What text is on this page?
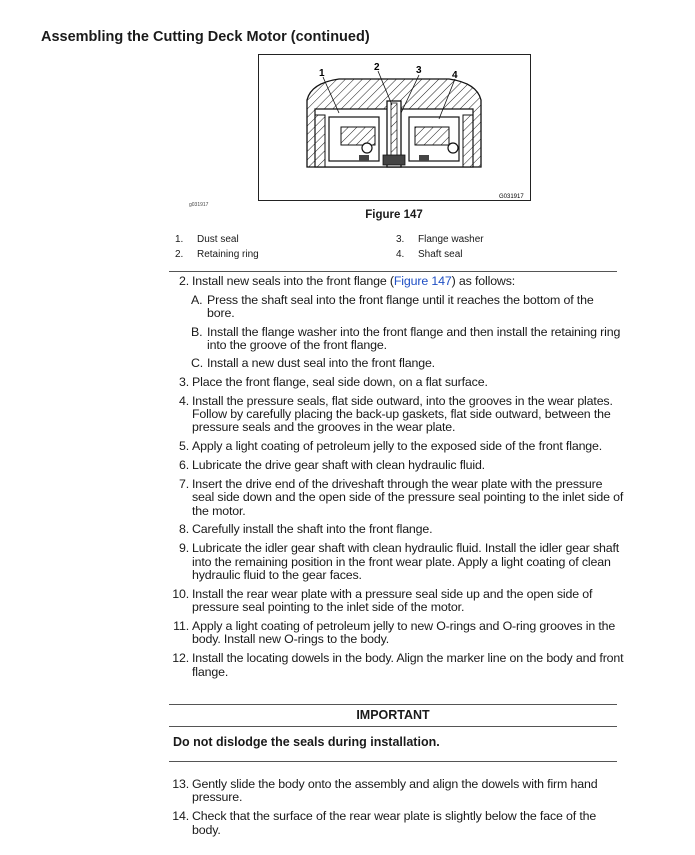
Assembling the Cutting Deck Motor (continued)
1
2	3	4
G031917
g031917
Figure 147
1. Dust seal
2. Retaining ring
3. Flange washer
4. Shaft seal
2. Install new seals into the front flange (Figure 147) as follows:
A. Press the shaft seal into the front flange until it reaches the bottom of the bore.
B. Install the flange washer into the front flange and then install the retaining ring into the groove of the front flange.
C. Install a new dust seal into the front flange.
3. Place the front flange, seal side down, on a flat surface.
4. Install the pressure seals, flat side outward, into the grooves in the wear plates. Follow by carefully placing the back-up gaskets, flat side outward, between the pressure seals and the grooves in the wear plate.
5. Apply a light coating of petroleum jelly to the exposed side of the front flange.
6. Lubricate the drive gear shaft with clean hydraulic fluid.
7. Insert the drive end of the driveshaft through the wear plate with the pressure seal side down and the open side of the pressure seal pointing to the inlet side of the motor.
8. Carefully install the shaft into the front flange.
9. Lubricate the idler gear shaft with clean hydraulic fluid. Install the idler gear shaft into the remaining position in the front wear plate. Apply a light coating of clean hydraulic fluid to the gear faces.
10. Install the rear wear plate with a pressure seal side up and the open side of pressure seal pointing to the inlet side of the motor.
11. Apply a light coating of petroleum jelly to new O-rings and O-ring grooves in the body. Install new O-rings to the body.
12. Install the locating dowels in the body. Align the marker line on the body and front flange.
IMPORTANT
Do not dislodge the seals during installation.
13. Gently slide the body onto the assembly and align the dowels with firm hand pressure.
14. Check that the surface of the rear wear plate is slightly below the face of the body.
